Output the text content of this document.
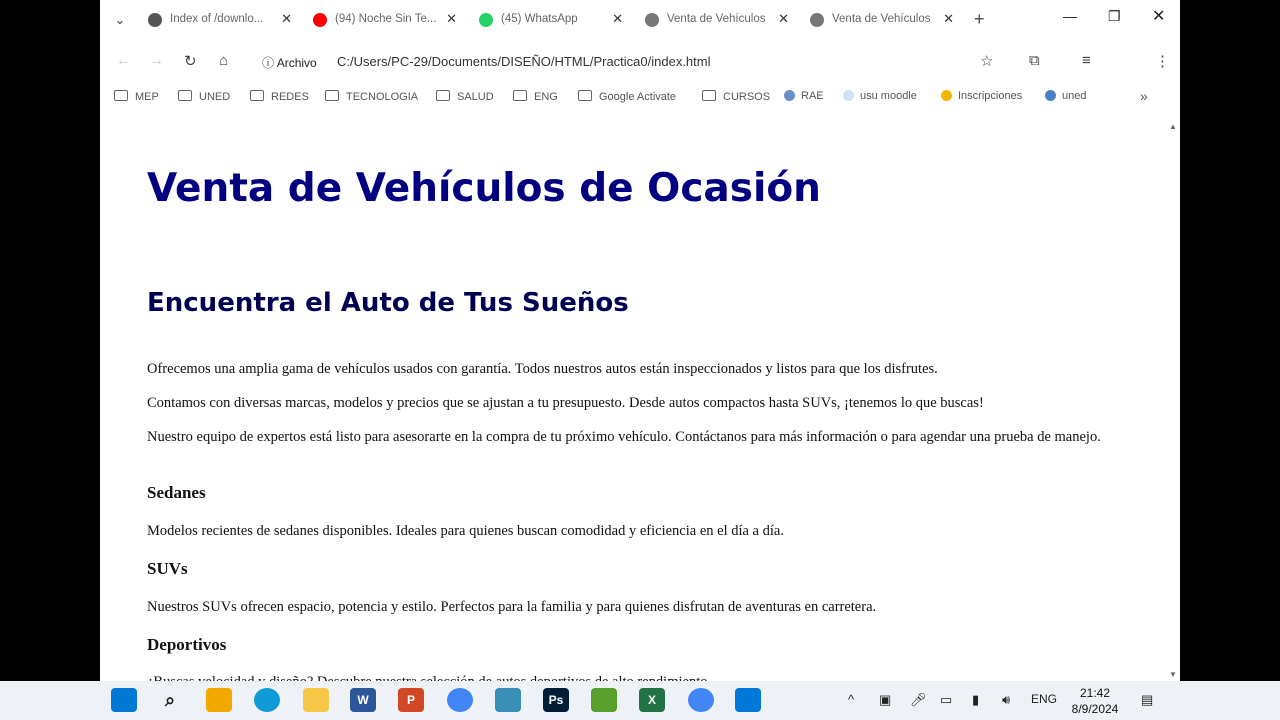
⌄	Index of /downlo...	✕	(94) Noche Sin Te... ✕	(45) WhatsApp	✕	Venta de Vehículos ✕	Venta de Vehículos ✕ +	— ❐ ✕
← → ↻ ⌂	ⓘ Archivo C:/Users/PC-29/Documents/DISEÑO/HTML/Practica0/index.html	☆ ⧉	≡	⋮
MEP	UNED	REDES	TECNOLOGIA	SALUD	ENG	Google Activate	CURSOS	RAE	usu moodle	Inscripciones	uned	»
Venta de Vehículos de Ocasión
Encuentra el Auto de Tus Sueños

Ofrecemos una amplia gama de vehículos usados con garantía. Todos nuestros autos están inspeccionados y listos para que los disfrutes.

Contamos con diversas marcas, modelos y precios que se ajustan a tu presupuesto. Desde autos compactos hasta SUVs, ¡tenemos lo que buscas!

Nuestro equipo de expertos está listo para asesorarte en la compra de tu próximo vehículo. Contáctanos para más información o para agendar una prueba de manejo.

Sedanes

Modelos recientes de sedanes disponibles. Ideales para quienes buscan comodidad y eficiencia en el día a día.

SUVs

Nuestros SUVs ofrecen espacio, potencia y estilo. Perfectos para la familia y para quienes disfrutan de aventuras en carretera.

Deportivos

▲
▼
⌕	W	P	Ps	X	^ ▣ 🎤︎ ▭ ▮ 🔊︎ ENG	21:42
8/9/2024
▤
